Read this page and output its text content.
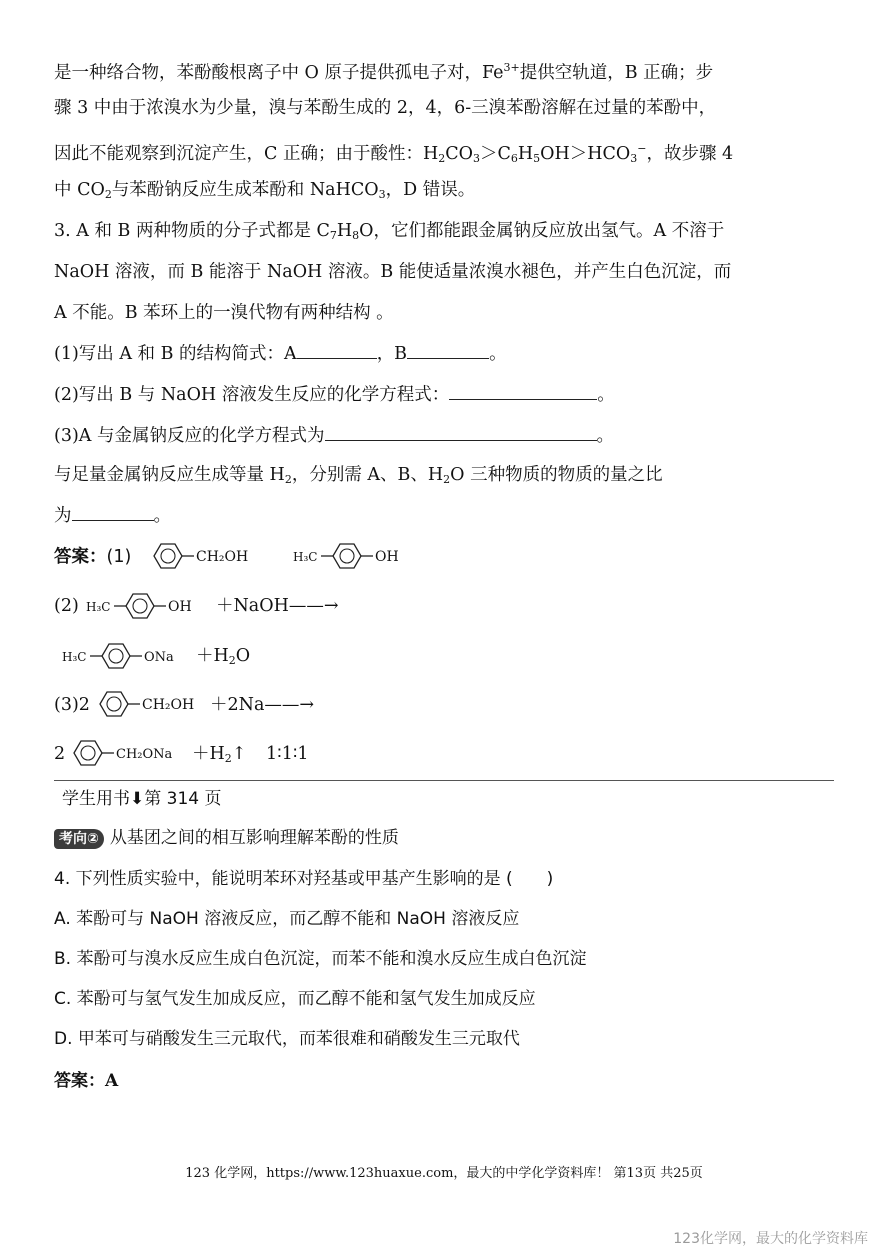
是一种络合物，苯酚酸根离子中 O 原子提供孤电子对，$Fe^{3+}$提供空轨道，B 正确；步
骤 3 中由于浓溴水为少量，溴与苯酚生成的 2，4，6-三溴苯酚溶解在过量的苯酚中，
因此不能观察到沉淀产生，C 正确；由于酸性：$H_2CO_3>C_6H_5OH>HCO_3^-$，故步骤 4
中 $CO_2$与苯酚钠反应生成苯酚和 NaHCO$_3$，D 错误。
3. A 和 B 两种物质的分子式都是 $C_7H_8O$，它们都能跟金属钠反应放出氢气。A 不溶于
NaOH 溶液，而 B 能溶于 NaOH 溶液。B 能使适量浓溴水褪色，并产生白色沉淀，而
A 不能。B 苯环上的一溴代物有两种结构 。
(1)写出 A 和 B 的结构简式：A	，B	。
(2)写出 B 与 NaOH 溶液发生反应的化学方程式：	。
(3)A 与金属钠反应的化学方程式为	。
与足量金属钠反应生成等量 $H_2$，分别需 A、B、$H_2O$ 三种物质的物质的量之比
为	。
答案：(1)	CH₂OH	H₃C	OH
(2) H₃C	OH ＋NaOH——→
H₃C	ONa $+H_2O$
(3)2	CH₂OH ＋2Na——→
2	$CH_2ONa +H_2↑$ 1∶1∶1
学生用书⬇第 314 页
考向② 从基团之间的相互影响理解苯酚的性质
4. 下列性质实验中，能说明苯环对羟基或甲基产生影响的是 (　　)
A. 苯酚可与 NaOH 溶液反应，而乙醇不能和 NaOH 溶液反应
B. 苯酚可与溴水反应生成白色沉淀，而苯不能和溴水反应生成白色沉淀
C. 苯酚可与氢气发生加成反应，而乙醇不能和氢气发生加成反应
D. 甲苯可与硝酸发生三元取代，而苯很难和硝酸发生三元取代
答案：A
123 化学网，https://www.123huaxue.com，最大的中学化学资料库！ 第13页 共25页
123化学网，最大的化学资料库
